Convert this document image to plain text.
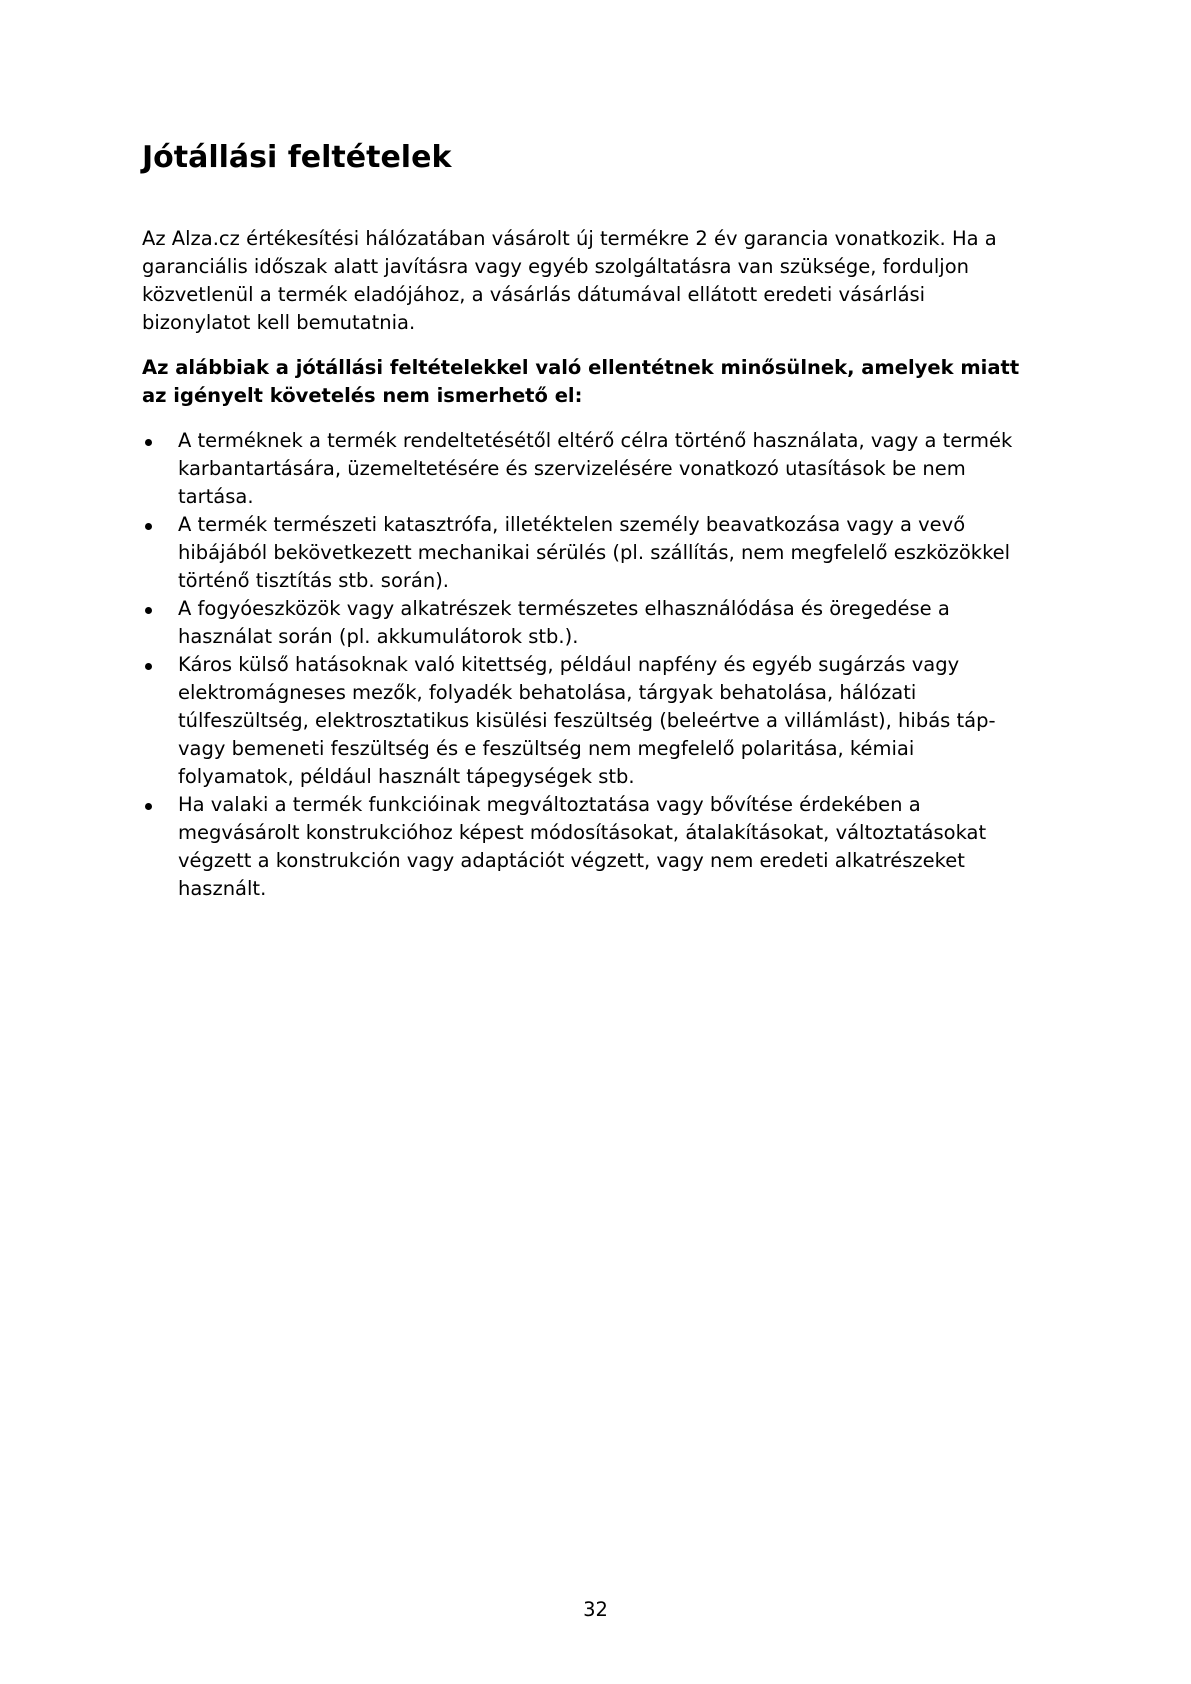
Jótállási feltételek
Az Alza.cz értékesítési hálózatában vásárolt új termékre 2 év garancia vonatkozik. Ha a
garanciális időszak alatt javításra vagy egyéb szolgáltatásra van szüksége, forduljon
közvetlenül a termék eladójához, a vásárlás dátumával ellátott eredeti vásárlási
bizonylatot kell bemutatnia.
Az alábbiak a jótállási feltételekkel való ellentétnek minősülnek, amelyek miatt
az igényelt követelés nem ismerhető el:
A terméknek a termék rendeltetésétől eltérő célra történő használata, vagy a termék
karbantartására, üzemeltetésére és szervizelésére vonatkozó utasítások be nem
tartása.
A termék természeti katasztrófa, illetéktelen személy beavatkozása vagy a vevő
hibájából bekövetkezett mechanikai sérülés (pl. szállítás, nem megfelelő eszközökkel
történő tisztítás stb. során).
A fogyóeszközök vagy alkatrészek természetes elhasználódása és öregedése a
használat során (pl. akkumulátorok stb.).
Káros külső hatásoknak való kitettség, például napfény és egyéb sugárzás vagy
elektromágneses mezők, folyadék behatolása, tárgyak behatolása, hálózati
túlfeszültség, elektrosztatikus kisülési feszültség (beleértve a villámlást), hibás táp-
vagy bemeneti feszültség és e feszültség nem megfelelő polaritása, kémiai
folyamatok, például használt tápegységek stb.
Ha valaki a termék funkcióinak megváltoztatása vagy bővítése érdekében a
megvásárolt konstrukcióhoz képest módosításokat, átalakításokat, változtatásokat
végzett a konstrukción vagy adaptációt végzett, vagy nem eredeti alkatrészeket
használt.
32
